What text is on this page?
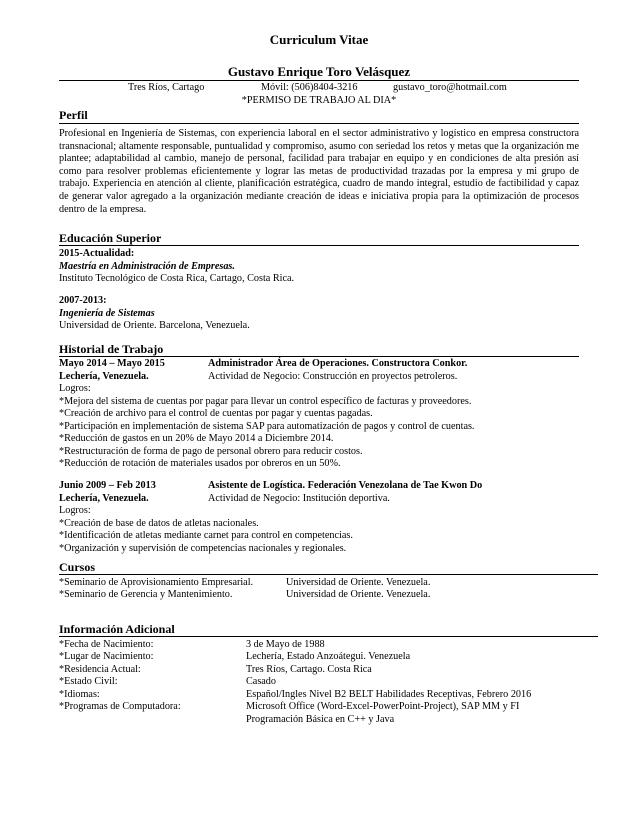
Curriculum Vitae
Gustavo Enrique Toro Velásquez
Tres Ríos, Cartago	Móvil: (506)8404-3216	gustavo_toro@hotmail.com
*PERMISO DE TRABAJO AL DIA*
Perfil
Profesional en Ingeniería de Sistemas, con experiencia laboral en el sector administrativo y logístico en empresa constructora transnacional; altamente responsable, puntualidad y compromiso, asumo con seriedad los retos y metas que la organización me plantee; adaptabilidad al cambio, manejo de personal, facilidad para trabajar en equipo y en condiciones de alta presión así como para resolver problemas eficientemente y lograr las metas de productividad trazadas por la empresa y mi grupo de trabajo. Experiencia en atención al cliente, planificación estratégica, cuadro de mando integral, estudio de factibilidad y capaz de generar valor agregado a la organización mediante creación de ideas e iniciativa propia para la optimización de procesos dentro de la empresa.
Educación Superior
2015-Actualidad:
Maestría en Administración de Empresas.
Instituto Tecnológico de Costa Rica, Cartago, Costa Rica.
2007-2013:
Ingeniería de Sistemas
Universidad de Oriente. Barcelona, Venezuela.
Historial de Trabajo
Mayo 2014 – Mayo 2015	Administrador Área de Operaciones. Constructora Conkor.
Lechería, Venezuela.	Actividad de Negocio: Construcción en proyectos petroleros.
Logros:
*Mejora del sistema de cuentas por pagar para llevar un control específico de facturas y proveedores.
*Creación de archivo para el control de cuentas por pagar y cuentas pagadas.
*Participación en implementación de sistema SAP para automatización de pagos y control de cuentas.
*Reducción de gastos en un 20% de Mayo 2014 a Diciembre 2014.
*Restructuración de forma de pago de personal obrero para reducir costos.
*Reducción de rotación de materiales usados por obreros en un 50%.
Junio 2009 – Feb 2013	Asistente de Logística. Federación Venezolana de Tae Kwon Do
Lechería, Venezuela.	Actividad de Negocio: Institución deportiva.
Logros:
*Creación de base de datos de atletas nacionales.
*Identificación de atletas mediante carnet para control en competencias.
*Organización y supervisión de competencias nacionales y regionales.
Cursos
*Seminario de Aprovisionamiento Empresarial.	Universidad de Oriente. Venezuela.
*Seminario de Gerencia y Mantenimiento.	Universidad de Oriente. Venezuela.
Información Adicional
*Fecha de Nacimiento:	3 de Mayo de 1988
*Lugar de Nacimiento:	Lechería, Estado Anzoátegui. Venezuela
*Residencia Actual:	Tres Ríos, Cartago. Costa Rica
*Estado Civil:	Casado
*Idiomas:	Español/Ingles Nivel B2 BELT Habilidades Receptivas, Febrero 2016
*Programas de Computadora:	Microsoft Office (Word-Excel-PowerPoint-Project), SAP MM y FI
Programación Básica en C++ y Java
